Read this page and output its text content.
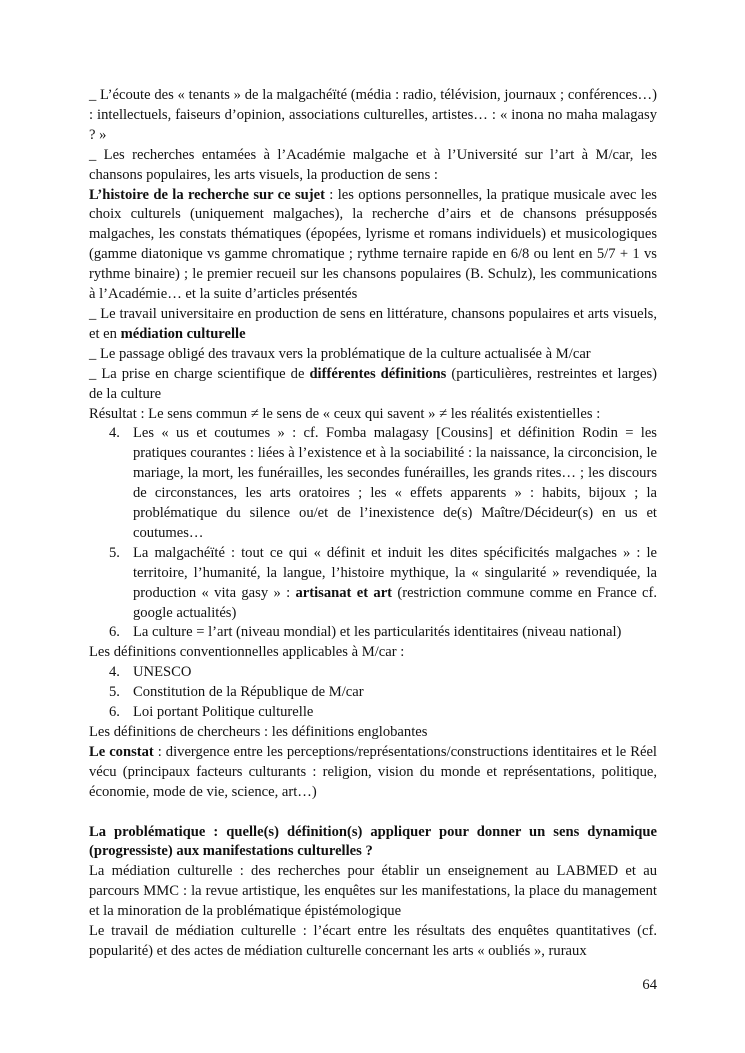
_ L’écoute des « tenants » de la malgachéïté (média : radio, télévision, journaux ; conférences…) : intellectuels, faiseurs d’opinion, associations culturelles, artistes… : « inona no maha malagasy ? »

_ Les recherches entamées à l’Académie malgache et à l’Université sur l’art à M/car, les chansons populaires, les arts visuels, la production de sens :

L’histoire de la recherche sur ce sujet : les options personnelles, la pratique musicale avec les choix culturels (uniquement malgaches), la recherche d’airs et de chansons présupposés malgaches, les constats thématiques (épopées, lyrisme et romans individuels) et musicologiques (gamme diatonique vs gamme chromatique ; rythme ternaire rapide en 6/8 ou lent en 5/7 + 1 vs rythme binaire) ; le premier recueil sur les chansons populaires (B. Schulz), les communications à l’Académie… et la suite d’articles présentés

_ Le travail universitaire en production de sens en littérature, chansons populaires et arts visuels, et en médiation culturelle

_ Le passage obligé des travaux vers la problématique de la culture actualisée à M/car

_ La prise en charge scientifique de différentes définitions (particulières, restreintes et larges) de la culture

Résultat : Le sens commun ≠ le sens de « ceux qui savent » ≠ les réalités existentielles :

4. Les « us et coutumes » : cf. Fomba malagasy [Cousins] et définition Rodin = les pratiques courantes : liées à l’existence et à la sociabilité : la naissance, la circoncision, le mariage, la mort, les funérailles, les secondes funérailles, les grands rites… ; les discours de circonstances, les arts oratoires ; les « effets apparents » : habits, bijoux ; la problématique du silence ou/et de l’inexistence de(s) Maître/Décideur(s) en us et coutumes…
5. La malgachéïté : tout ce qui « définit et induit les dites spécificités malgaches » : le territoire, l’humanité, la langue, l’histoire mythique, la « singularité » revendiquée, la production « vita gasy » : artisanat et art (restriction commune comme en France cf. google actualités)
6. La culture = l’art (niveau mondial) et les particularités identitaires (niveau national)

Les définitions conventionnelles applicables à M/car :

4. UNESCO
5. Constitution de la République de M/car
6. Loi portant Politique culturelle

Les définitions de chercheurs : les définitions englobantes

Le constat : divergence entre les perceptions/représentations/constructions identitaires et le Réel vécu (principaux facteurs culturants : religion, vision du monde et représentations, politique, économie, mode de vie, science, art…)

La problématique : quelle(s) définition(s) appliquer pour donner un sens dynamique (progressiste) aux manifestations culturelles ?

La médiation culturelle : des recherches pour établir un enseignement au LABMED et au parcours MMC : la revue artistique, les enquêtes sur les manifestations, la place du management et la minoration de la problématique épistémologique

Le travail de médiation culturelle : l’écart entre les résultats des enquêtes quantitatives (cf. popularité) et des actes de médiation culturelle concernant les arts « oubliés », ruraux

64
